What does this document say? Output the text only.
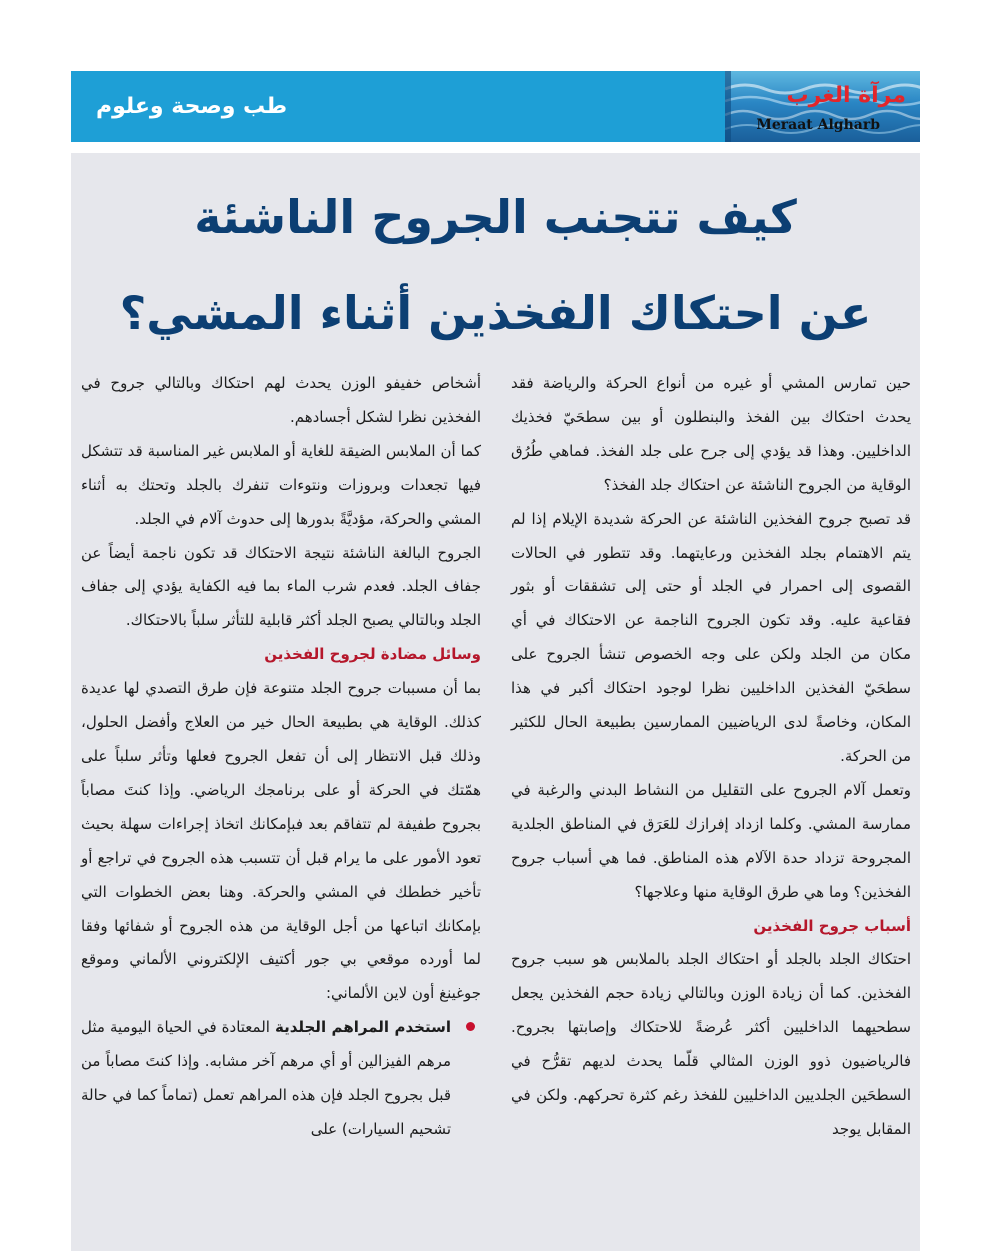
طب وصحة وعلوم	مرآة الغرب
Meraat Algharb
كيف تتجنب الجروح الناشئة
عن احتكاك الفخذين أثناء المشي؟

حين تمارس المشي أو غيره من أنواع الحركة والرياضة فقد يحدث احتكاك بين الفخذ والبنطلون أو بين سطحَيّ فخذيك الداخليين. وهذا قد يؤدي إلى جرح على جلد الفخذ. فماهي طُرُق الوقاية من الجروح الناشئة عن احتكاك جلد الفخذ؟

قد تصبح جروح الفخذين الناشئة عن الحركة شديدة الإيلام إذا لم يتم الاهتمام بجلد الفخذين ورعايتهما. وقد تتطور في الحالات القصوى إلى احمرار في الجلد أو حتى إلى تشققات أو بثور فقاعية عليه. وقد تكون الجروح الناجمة عن الاحتكاك في أي مكان من الجلد ولكن على وجه الخصوص تنشأ الجروح على سطحَيّ الفخذين الداخليين نظرا لوجود احتكاك أكبر في هذا المكان، وخاصةً لدى الرياضيين الممارسين بطبيعة الحال للكثير من الحركة.

وتعمل آلام الجروح على التقليل من النشاط البدني والرغبة في ممارسة المشي. وكلما ازداد إفرازك للعَرَق في المناطق الجلدية المجروحة تزداد حدة الآلام هذه المناطق. فما هي أسباب جروح الفخذين؟ وما هي طرق الوقاية منها وعلاجها؟

أسباب جروح الفخذين

احتكاك الجلد بالجلد أو احتكاك الجلد بالملابس هو سبب جروح الفخذين. كما أن زيادة الوزن وبالتالي زيادة حجم الفخذين يجعل سطحيهما الداخليين أكثر عُرضةً للاحتكاك وإصابتها بجروح. فالرياضيون ذوو الوزن المثالي قلّما يحدث لديهم تقرُّح في السطحَين الجلديين الداخليين للفخذ رغم كثرة تحركهم. ولكن في المقابل يوجد

أشخاص خفيفو الوزن يحدث لهم احتكاك وبالتالي جروح في الفخذين نظرا لشكل أجسادهم.

كما أن الملابس الضيقة للغاية أو الملابس غير المناسبة قد تتشكل فيها تجعدات وبروزات ونتوءات تنفرك بالجلد وتحتك به أثناء المشي والحركة، مؤديَّةً بدورها إلى حدوث آلام في الجلد.

الجروح البالغة الناشئة نتيجة الاحتكاك قد تكون ناجمة أيضاً عن جفاف الجلد. فعدم شرب الماء بما فيه الكفاية يؤدي إلى جفاف الجلد وبالتالي يصبح الجلد أكثر قابلية للتأثر سلباً بالاحتكاك.

وسائل مضادة لجروح الفخذين

بما أن مسببات جروح الجلد متنوعة فإن طرق التصدي لها عديدة كذلك. الوقاية هي بطبيعة الحال خير من العلاج وأفضل الحلول، وذلك قبل الانتظار إلى أن تفعل الجروح فعلها وتأثر سلباً على همّتك في الحركة أو على برنامجك الرياضي. وإذا كنتَ مصاباً بجروح طفيفة لم تتفاقم بعد فبإمكانك اتخاذ إجراءات سهلة بحيث تعود الأمور على ما يرام قبل أن تتسبب هذه الجروح في تراجع أو تأخير خططك في المشي والحركة. وهنا بعض الخطوات التي بإمكانك اتباعها من أجل الوقاية من هذه الجروح أو شفائها وفقا لما أورده موقعي بي جور أكتيف الإلكتروني الألماني وموقع جوغينغ أون لاين الألماني:

استخدم المراهم الجلدية المعتادة في الحياة اليومية مثل مرهم الفيزالين أو أي مرهم آخر مشابه. وإذا كنتَ مصاباً من قبل بجروح الجلد فإن هذه المراهم تعمل (تماماً كما في حالة تشحيم السيارات) على
